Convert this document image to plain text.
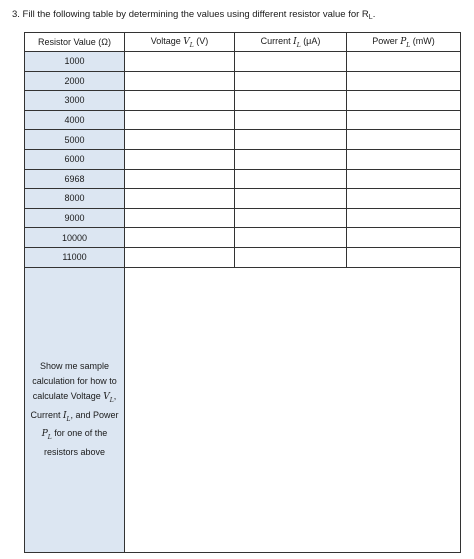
3. Fill the following table by determining the values using different resistor value for $R_L$.
Resistor Value (Ω)	Voltage $V_L$ (V)	Current $I_L$ (μA)	Power $P_L$ (mW)
1000			
2000			
3000			
4000			
5000			
6000			
6968			
8000			
9000			
10000			
11000			
Show me sample calculation for how to calculate Voltage $V_L$, Current $I_L$, and Power $P_L$ for one of the resistors above			
